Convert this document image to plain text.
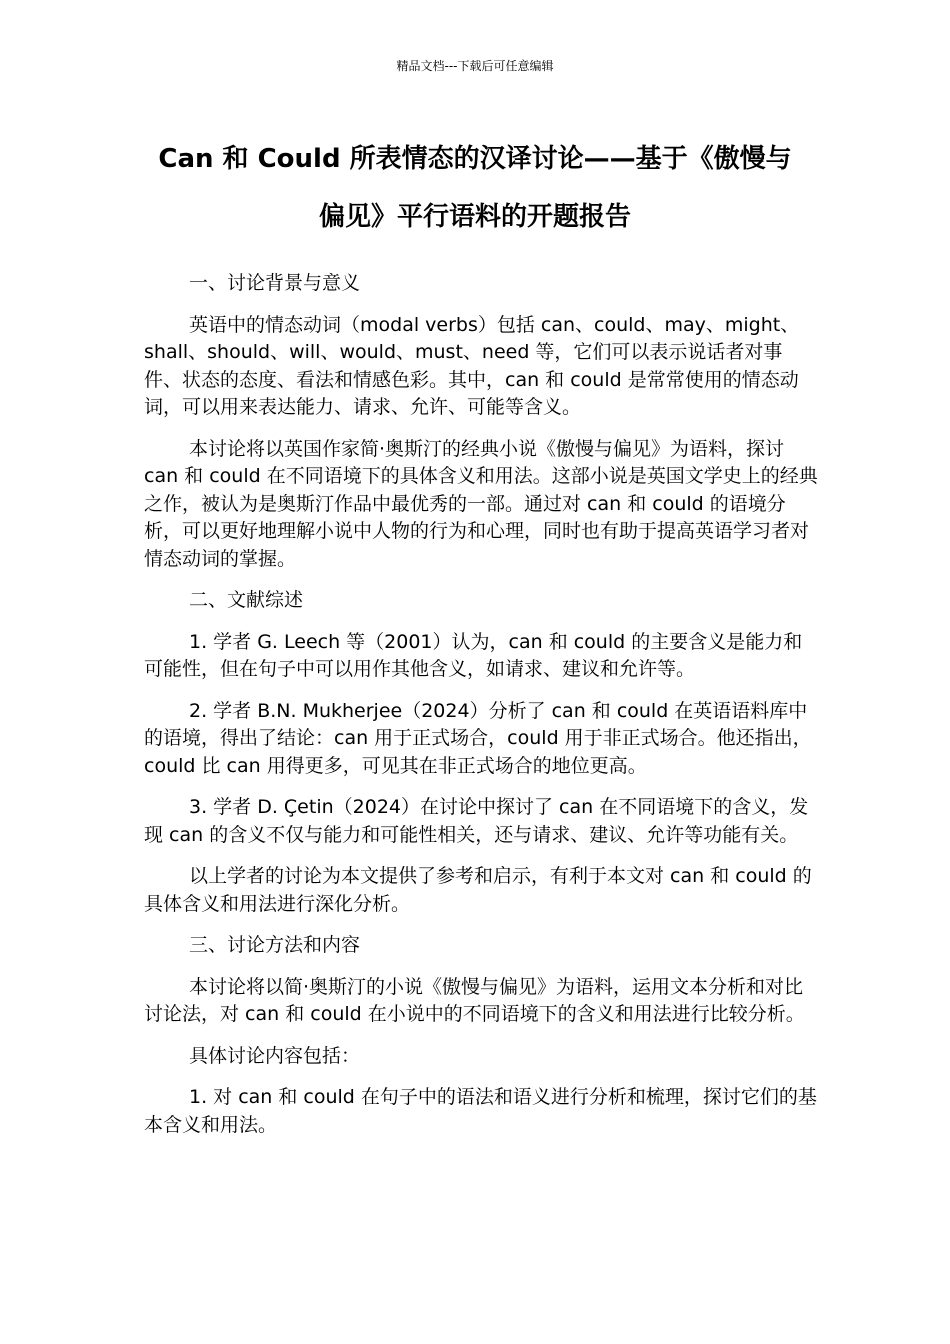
精品文档---下载后可任意编辑
Can 和 Could 所表情态的汉译讨论——基于《傲慢与
偏见》平行语料的开题报告

一、讨论背景与意义

英语中的情态动词（modal verbs）包括 can、could、may、might、shall、should、will、would、must、need 等，它们可以表示说话者对事件、状态的态度、看法和情感色彩。其中，can 和 could 是常常使用的情态动词，可以用来表达能力、请求、允许、可能等含义。

本讨论将以英国作家简·奥斯汀的经典小说《傲慢与偏见》为语料，探讨 can 和 could 在不同语境下的具体含义和用法。这部小说是英国文学史上的经典之作，被认为是奥斯汀作品中最优秀的一部。通过对 can 和 could 的语境分析，可以更好地理解小说中人物的行为和心理，同时也有助于提高英语学习者对情态动词的掌握。

二、文献综述

1. 学者 G. Leech 等（2001）认为，can 和 could 的主要含义是能力和可能性，但在句子中可以用作其他含义，如请求、建议和允许等。

2. 学者 B.N. Mukherjee（2024）分析了 can 和 could 在英语语料库中的语境，得出了结论：can 用于正式场合，could 用于非正式场合。他还指出，could 比 can 用得更多，可见其在非正式场合的地位更高。

3. 学者 D. Çetin（2024）在讨论中探讨了 can 在不同语境下的含义，发现 can 的含义不仅与能力和可能性相关，还与请求、建议、允许等功能有关。

以上学者的讨论为本文提供了参考和启示，有利于本文对 can 和 could 的具体含义和用法进行深化分析。

三、讨论方法和内容

本讨论将以简·奥斯汀的小说《傲慢与偏见》为语料，运用文本分析和对比讨论法，对 can 和 could 在小说中的不同语境下的含义和用法进行比较分析。

具体讨论内容包括：

1. 对 can 和 could 在句子中的语法和语义进行分析和梳理，探讨它们的基本含义和用法。
